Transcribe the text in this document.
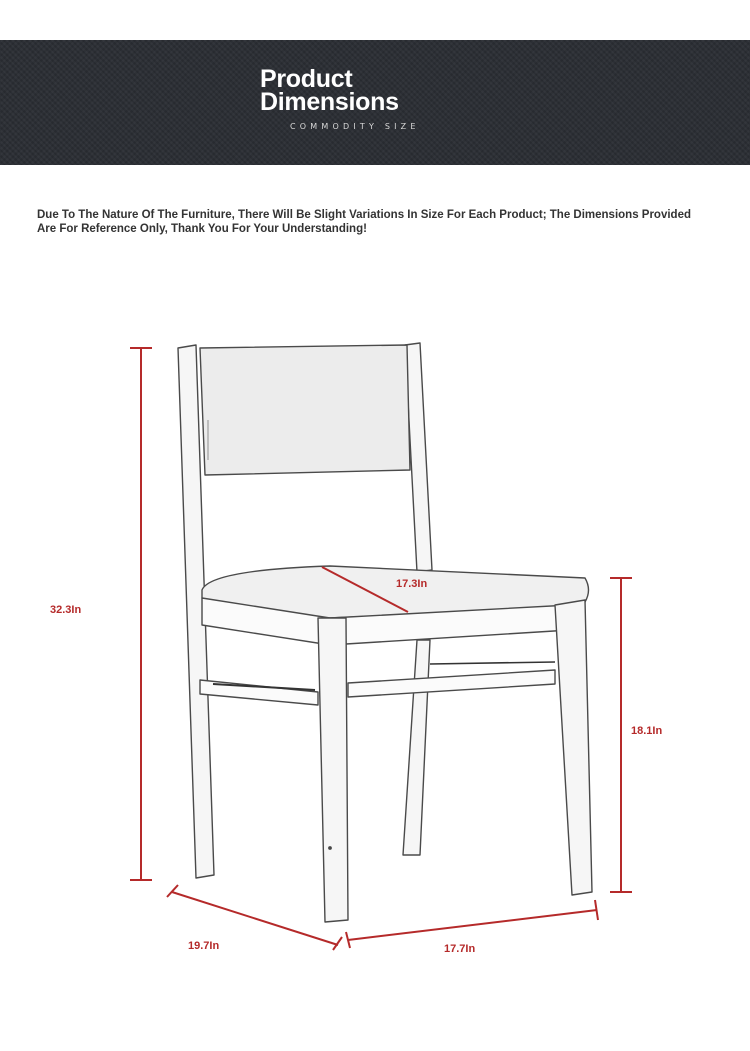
Product
Dimensions
COMMODITY SIZE
Due To The Nature Of The Furniture, There Will Be Slight Variations In Size For Each Product; The Dimensions Provided Are For Reference Only, Thank You For Your Understanding!
32.3In
17.3In
18.1In
19.7In	17.7In
